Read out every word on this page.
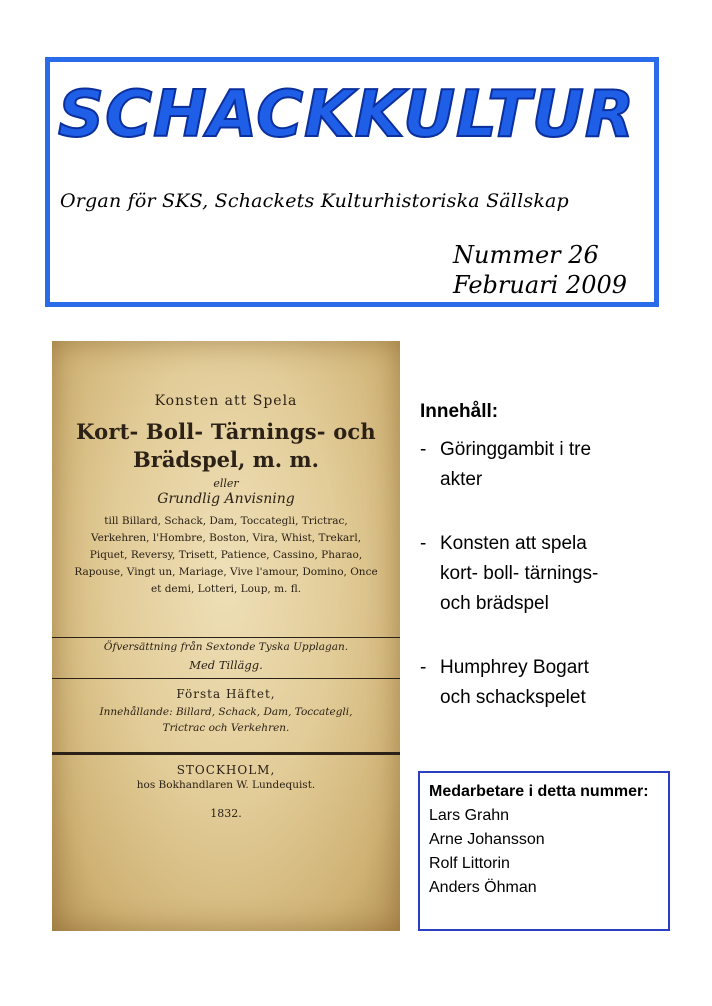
SCHACKKULTUR
Organ för SKS, Schackets Kulturhistoriska Sällskap
Nummer 26
Februari 2009
Konsten att Spela
Kort- Boll- Tärnings- och
Brädspel, m. m.
eller
Grundlig Anvisning
till Billard, Schack, Dam, Toccategli, Trictrac, Verkehren, l'Hombre, Boston, Vira, Whist, Trekarl, Piquet, Reversy, Trisett, Patience, Cassino, Pharao, Rapouse, Vingt un, Mariage, Vive l'amour, Domino, Once et demi, Lotteri, Loup, m. fl.
Öfversättning från Sextonde Tyska Upplagan.
Med Tillägg.
Första Häftet,
Innehållande: Billard, Schack, Dam, Toccategli, Trictrac och Verkehren.
STOCKHOLM,
hos Bokhandlaren W. Lundequist.
1832.
Innehåll:
- Göringgambit i tre
akter
- Konsten att spela
kort- boll- tärnings-
och brädspel
- Humphrey Bogart
och schackspelet
Medarbetare i detta nummer:
Lars Grahn
Arne Johansson
Rolf Littorin
Anders Öhman
